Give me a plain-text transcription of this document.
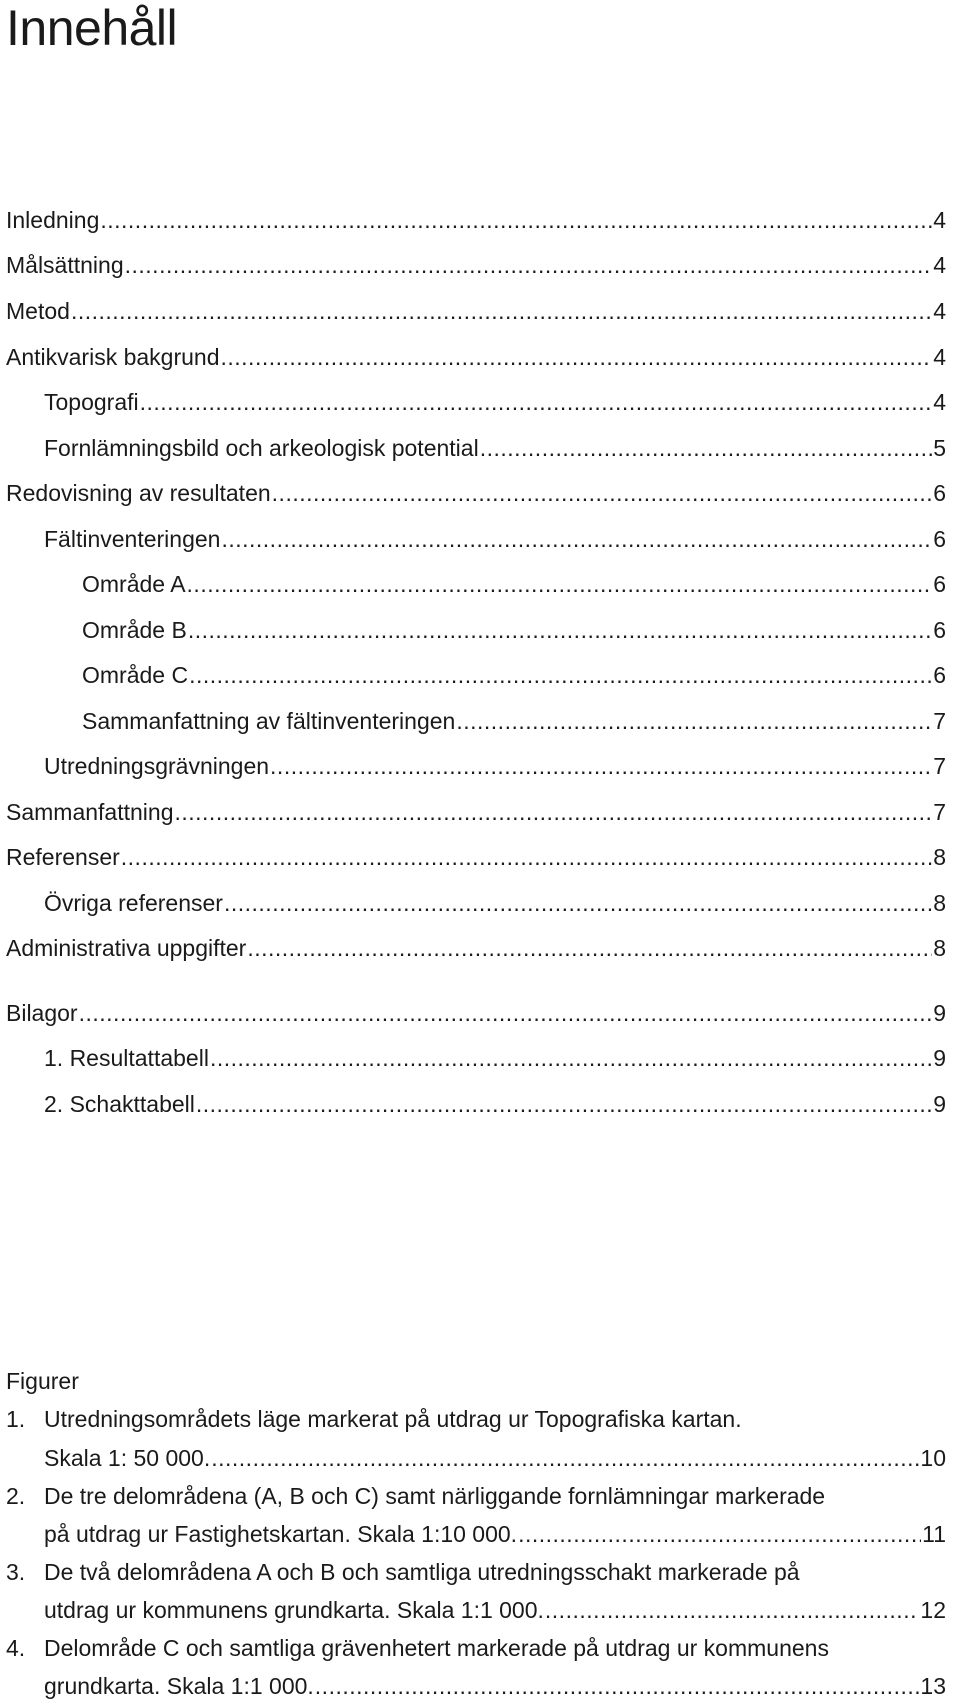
Innehåll
Inledning .....	4
Målsättning .....	4
Metod .....	4
Antikvarisk bakgrund .....	4
Topografi .....	4
Fornlämningsbild och arkeologisk potential .....	5
Redovisning av resultaten .....	6
Fältinventeringen .....	6
Område A .....	6
Område B .....	6
Område C .....	6
Sammanfattning av fältinventeringen .....	7
Utredningsgrävningen .....	7
Sammanfattning .....	7
Referenser .....	8
Övriga referenser .....	8
Administrativa uppgifter .....	8
Bilagor .....	9
1. Resultattabell .....	9
2. Schakttabell .....	9
Figurer
1. Utredningsområdets läge markerat på utdrag ur Topografiska kartan.
Skala 1: 50 000. .....	10
2. De tre delområdena (A, B och C) samt närliggande fornlämningar markerade
på utdrag ur Fastighetskartan. Skala 1:10 000. .....	11
3. De två delområdena A och B och samtliga utredningsschakt markerade på
utdrag ur kommunens grundkarta. Skala 1:1 000. .....	12
4. Delområde C och samtliga grävenhetert markerade på utdrag ur kommunens
grundkarta. Skala 1:1 000. .....	13
